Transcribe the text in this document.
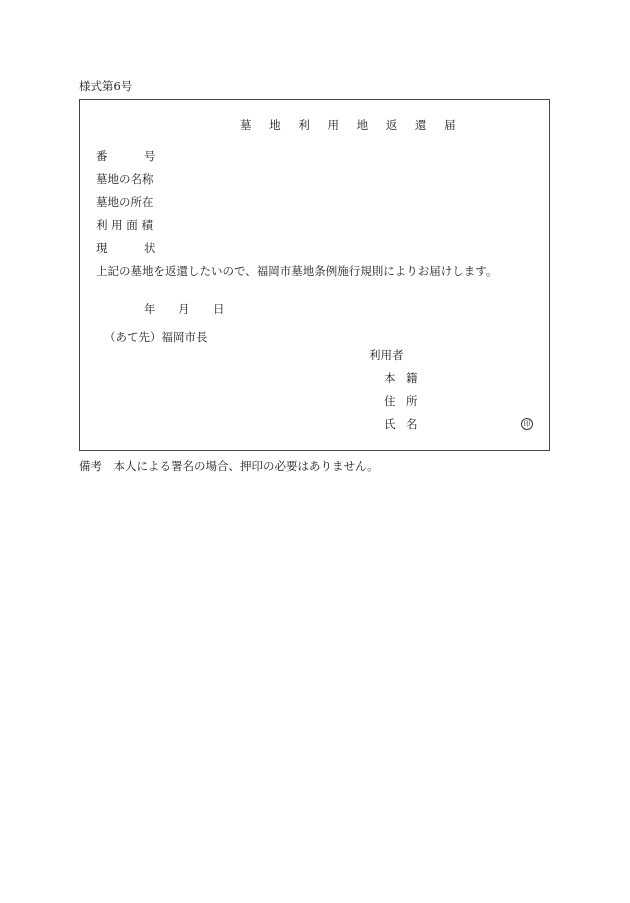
様式第6号
墓 地 利 用 地 返 還 届
番	号
墓地の名称
墓地の所在
利 用 面 積
現	状
上記の墓地を返還したいので、福岡市墓地条例施行規則によりお届けします。
年 月 日
（あて先）福岡市長
利用者
本 籍
住 所
氏 名	印
備考　本人による署名の場合、押印の必要はありません。
